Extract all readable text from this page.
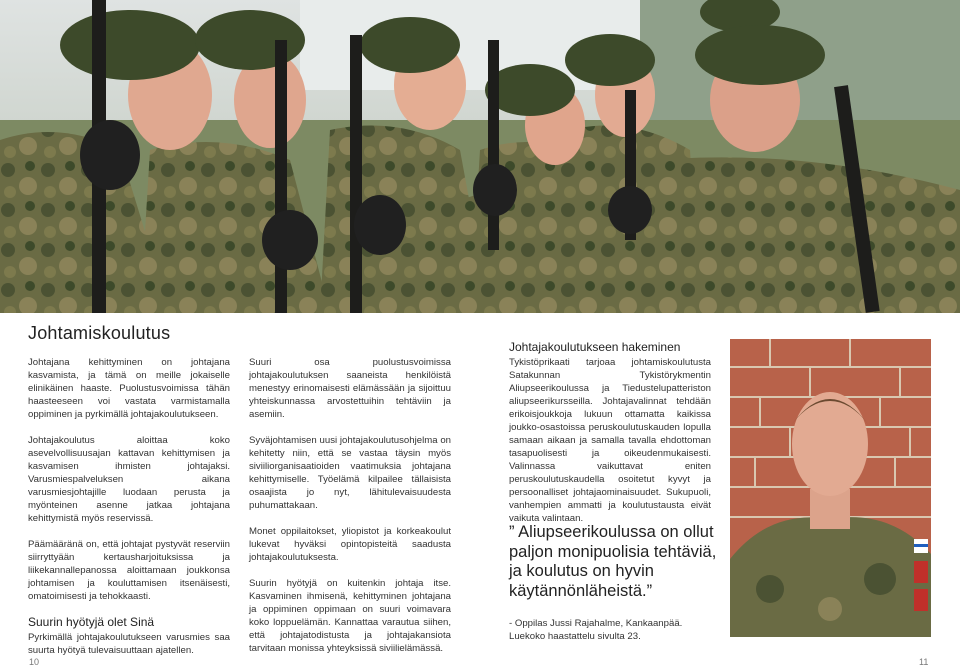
Johtamiskoulutus

Johtajana kehittyminen on johtajana kasvamista, ja tämä on meille jokaiselle elinikäinen haaste. Puolustusvoimissa tähän haasteeseen voi vastata varmistamalla oppiminen ja pyrkimällä johtajakoulutukseen.

Johtajakoulutus aloittaa koko asevelvollisuusajan kattavan kehittymisen ja kasvamisen ihmisten johtajaksi. Varusmiespalveluksen aikana varusmiesjohtajille luodaan perusta ja myönteinen asenne jatkaa johtajana kehittymistä myös reservissä.

Päämääränä on, että johtajat pystyvät reserviin siirryttyään kertausharjoituksissa ja liikekannallepanossa aloittamaan joukkonsa johtamisen ja kouluttamisen itsenäisesti, omatoimisesti ja tehokkaasti.

Suurin hyötyjä olet Sinä

Pyrkimällä johtajakoulutukseen varusmies saa suurta hyötyä tulevaisuuttaan ajatellen.

Suuri osa puolustusvoimissa johtajakoulutuksen saaneista henkilöistä menestyy erinomaisesti elämässään ja sijoittuu yhteiskunnassa arvostettuihin tehtäviin ja asemiin.

Syväjohtamisen uusi johtajakoulutusohjelma on kehitetty niin, että se vastaa täysin myös siviiliorganisaatioiden vaatimuksia johtajana kehittymiselle. Työelämä kilpailee tällaisista osaajista jo nyt, lähitulevaisuudesta puhumattakaan.

Monet oppilaitokset, yliopistot ja korkeakoulut lukevat hyväksi opintopisteitä saadusta johtajakoulutuksesta.

Suurin hyötyjä on kuitenkin johtaja itse. Kasvaminen ihmisenä, kehittyminen johtajana ja oppiminen oppimaan on suuri voimavara koko loppuelämän. Kannattaa varautua siihen, että johtajatodistusta ja johtajakansiota tarvitaan monissa yhteyksissä siviilielämässä.

10
Johtajakoulutukseen hakeminen

Tykistöprikaati tarjoaa johtamiskoulutusta Satakunnan Tykistörykmentin Aliupseerikoulussa ja Tiedustelupatteriston aliupseerikursseilla. Johtajavalinnat tehdään erikoisjoukkoja lukuun ottamatta kaikissa joukko-osastoissa peruskoulutuskauden lopulla samaan aikaan ja samalla tavalla ehdottoman tasapuolisesti ja oikeudenmukaisesti. Valinnassa vaikuttavat eniten peruskoulutuskaudella osoitetut kyvyt ja persoonalliset johtajaominaisuudet. Sukupuoli, vanhempien ammatti ja koulutustausta eivät vaikuta valintaan.

” Aliupseerikoulussa on ollut paljon monipuolisia tehtäviä, ja koulutus on hyvin käytännönläheistä.”
- Oppilas Jussi Rajahalme, Kankaanpää. Luekoko haastattelu sivulta 23.
11
